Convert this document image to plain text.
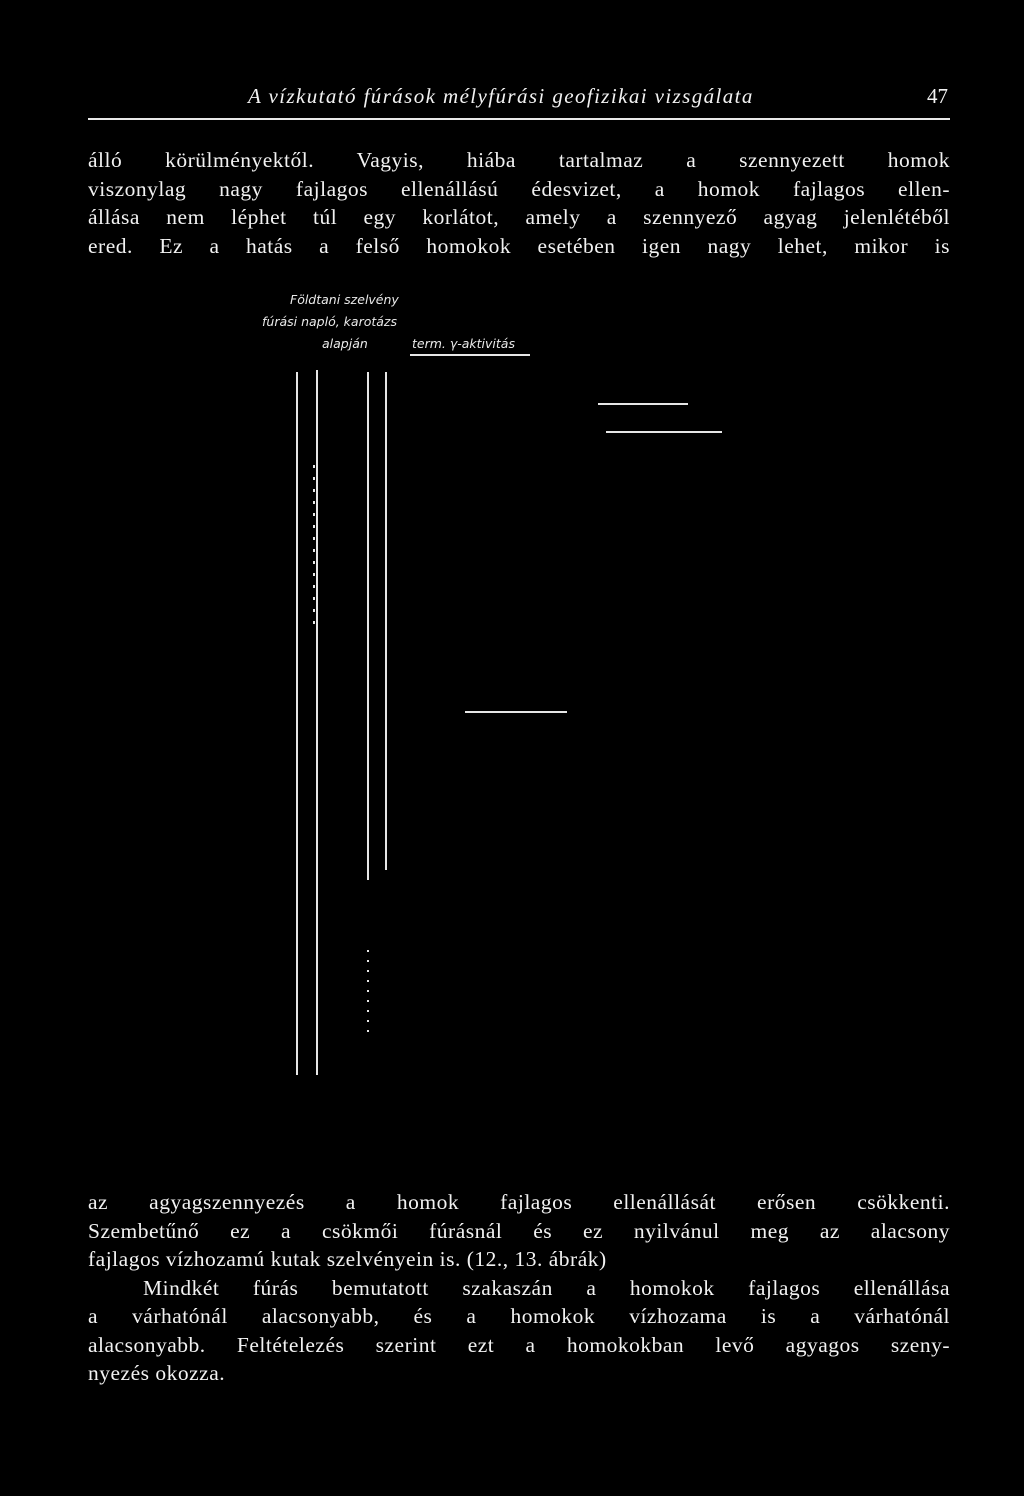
A vízkutató fúrások mélyfúrási geofizikai vizsgálata	47
álló körülményektől. Vagyis, hiába tartalmaz a szennyezett homok
viszonylag nagy fajlagos ellenállású édesvizet, a homok fajlagos ellen-
állása nem léphet túl egy korlátot, amely a szennyező agyag jelenlétéből
ered. Ez a hatás a felső homokok esetében igen nagy lehet, mikor is
Földtani szelvény
fúrási napló, karotázs
alapján	term. γ-aktivitás
az agyagszennyezés a homok fajlagos ellenállását erősen csökkenti.
Szembetűnő ez a csökmői fúrásnál és ez nyilvánul meg az alacsony
fajlagos vízhozamú kutak szelvényein is. (12., 13. ábrák)
Mindkét fúrás bemutatott szakaszán a homokok fajlagos ellenállása
a várhatónál alacsonyabb, és a homokok vízhozama is a várhatónál
alacsonyabb. Feltételezés szerint ezt a homokokban levő agyagos szeny-
nyezés okozza.
